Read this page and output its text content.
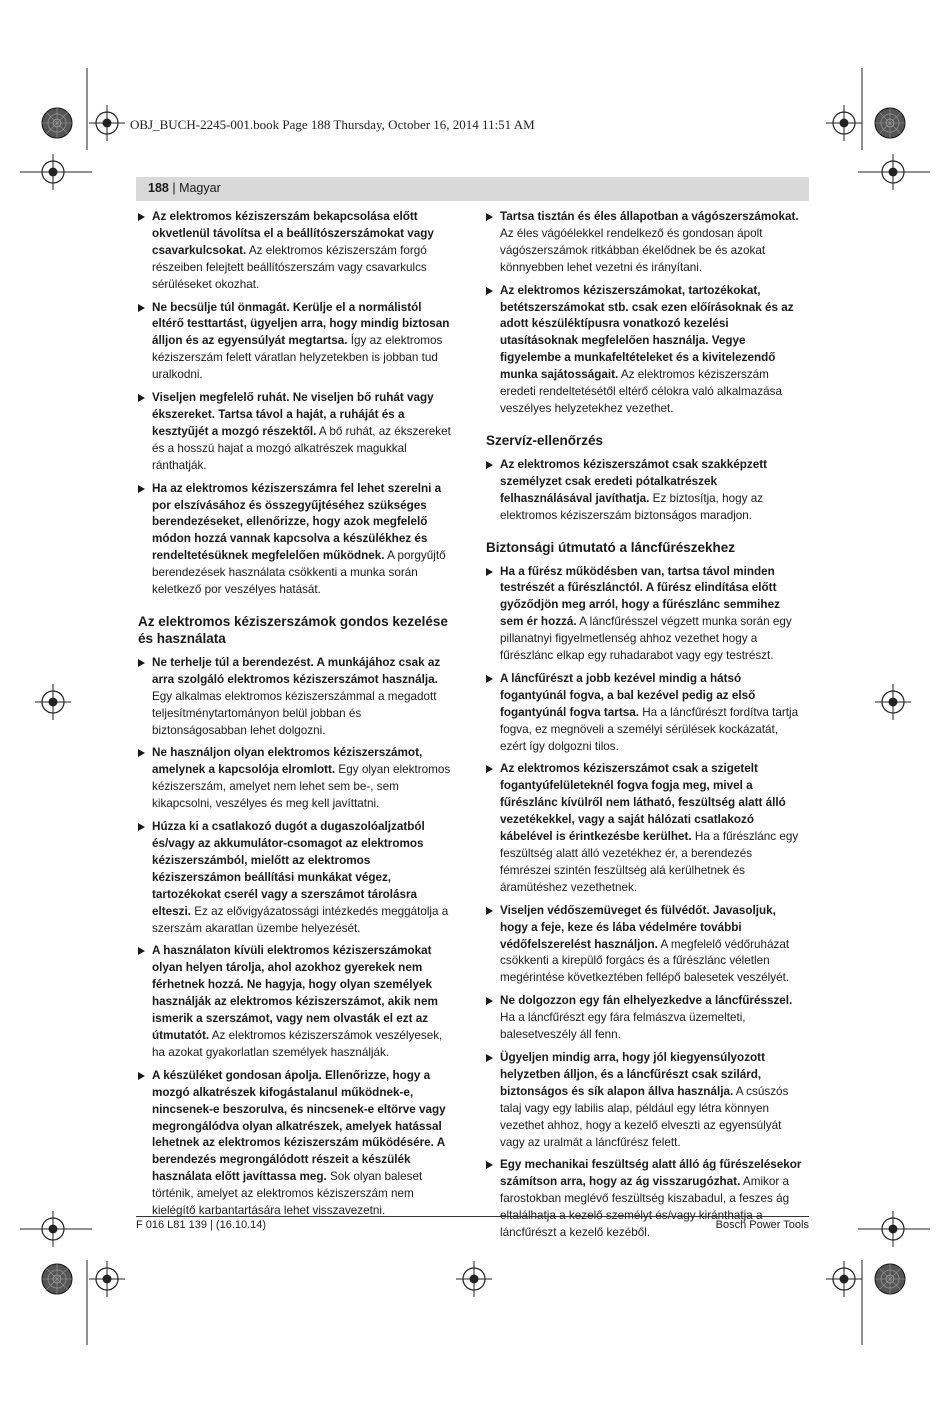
OBJ_BUCH-2245-001.book Page 188 Thursday, October 16, 2014 11:51 AM
188 | Magyar
Az elektromos kéziszerszám bekapcsolása előtt okvetlenül távolítsa el a beállítószerszámokat vagy csavarkulcsokat. Az elektromos kéziszerszám forgó részeiben felejtett beállítószerszám vagy csavarkulcs sérüléseket okozhat.
Ne becsülje túl önmagát. Kerülje el a normálistól eltérő testtartást, ügyeljen arra, hogy mindig biztosan álljon és az egyensúlyát megtartsa. Így az elektromos kéziszerszám felett váratlan helyzetekben is jobban tud uralkodni.
Viseljen megfelelő ruhát. Ne viseljen bő ruhát vagy ékszereket. Tartsa távol a haját, a ruháját és a kesztyűjét a mozgó részektől. A bő ruhát, az ékszereket és a hosszú hajat a mozgó alkatrészek magukkal ránthatják.
Ha az elektromos kéziszerszámra fel lehet szerelni a por elszívásához és összegyűjtéséhez szükséges berendezéseket, ellenőrizze, hogy azok megfelelő módon hozzá vannak kapcsolva a készülékhez és rendeltetésüknek megfelelően működnek. A porgyűjtő berendezések használata csökkenti a munka során keletkező por veszélyes hatását.
Az elektromos kéziszerszámok gondos kezelése és használata
Ne terhelje túl a berendezést. A munkájához csak az arra szolgáló elektromos kéziszerszámot használja. Egy alkalmas elektromos kéziszerszámmal a megadott teljesítménytartományon belül jobban és biztonságosabban lehet dolgozni.
Ne használjon olyan elektromos kéziszerszámot, amelynek a kapcsolója elromlott. Egy olyan elektromos kéziszerszám, amelyet nem lehet sem be-, sem kikapcsolni, veszélyes és meg kell javíttatni.
Húzza ki a csatlakozó dugót a dugaszolóaljzatból és/vagy az akkumulátor-csomagot az elektromos kéziszerszámból, mielőtt az elektromos kéziszerszámon beállítási munkákat végez, tartozékokat cserél vagy a szerszámot tárolásra elteszi. Ez az elővigyázatossági intézkedés meggátolja a szerszám akaratlan üzembe helyezését.
A használaton kívüli elektromos kéziszerszámokat olyan helyen tárolja, ahol azokhoz gyerekek nem férhetnek hozzá. Ne hagyja, hogy olyan személyek használják az elektromos kéziszerszámot, akik nem ismerik a szerszámot, vagy nem olvasták el ezt az útmutatót. Az elektromos kéziszerszámok veszélyesek, ha azokat gyakorlatlan személyek használják.
A készüléket gondosan ápolja. Ellenőrizze, hogy a mozgó alkatrészek kifogástalanul működnek-e, nincsenek-e beszorulva, és nincsenek-e eltörve vagy megrongálódva olyan alkatrészek, amelyek hatással lehetnek az elektromos kéziszerszám működésére. A berendezés megrongálódott részeit a készülék használata előtt javíttassa meg. Sok olyan baleset történik, amelyet az elektromos kéziszerszám nem kielégítő karbantartására lehet visszavezetni.
Tartsa tisztán és éles állapotban a vágószerszámokat. Az éles vágóélekkel rendelkező és gondosan ápolt vágószerszámok ritkábban ékelődnek be és azokat könnyebben lehet vezetni és irányítani.
Az elektromos kéziszerszámokat, tartozékokat, betétszerszámokat stb. csak ezen előírásoknak és az adott készüléktípusra vonatkozó kezelési utasításoknak megfelelően használja. Vegye figyelembe a munkafeltételeket és a kivitelezendő munka sajátosságait. Az elektromos kéziszerszám eredeti rendeltetésétől eltérő célokra való alkalmazása veszélyes helyzetekhez vezethet.
Szervíz-ellenőrzés
Az elektromos kéziszerszámot csak szakképzett személyzet csak eredeti pótalkatrészek felhasználásával javíthatja. Ez biztosítja, hogy az elektromos kéziszerszám biztonságos maradjon.
Biztonsági útmutató a láncfűrészekhez
Ha a fűrész működésben van, tartsa távol minden testrészét a fűrészlánctól. A fűrész elindítása előtt győződjön meg arról, hogy a fűrészlánc semmihez sem ér hozzá. A láncfűrésszel végzett munka során egy pillanatnyi figyelmetlenség ahhoz vezethet hogy a fűrészlánc elkap egy ruhadarabot vagy egy testrészt.
A láncfűrészt a jobb kezével mindig a hátsó fogantyúnál fogva, a bal kezével pedig az első fogantyúnál fogva tartsa. Ha a láncfűrészt fordítva tartja fogva, ez megnöveli a személyi sérülések kockázatát, ezért így dolgozni tilos.
Az elektromos kéziszerszámot csak a szigetelt fogantyúfelületeknél fogva fogja meg, mivel a fűrészlánc kívülről nem látható, feszültség alatt álló vezetékekkel, vagy a saját hálózati csatlakozó kábelével is érintkezésbe kerülhet. Ha a fűrészlánc egy feszültség alatt álló vezetékhez ér, a berendezés fémrészei szintén feszültség alá kerülhetnek és áramütéshez vezethetnek.
Viseljen védőszemüveget és fülvédőt. Javasoljuk, hogy a feje, keze és lába védelmére további védőfelszerelést használjon. A megfelelő védőruházat csökkenti a kirepülő forgács és a fűrészlánc véletlen megérintése következtében fellépő balesetek veszélyét.
Ne dolgozzon egy fán elhelyezkedve a láncfűrésszel. Ha a láncfűrészt egy fára felmászva üzemelteti, balesetveszély áll fenn.
Ügyeljen mindig arra, hogy jól kiegyensúlyozott helyzetben álljon, és a láncfűrészt csak szilárd, biztonságos és sík alapon állva használja. A csúszós talaj vagy egy labilis alap, például egy létra könnyen vezethet ahhoz, hogy a kezelő elveszti az egyensúlyát vagy az uralmát a láncfűrész felett.
Egy mechanikai feszültség alatt álló ág fűrészelésekor számítson arra, hogy az ág visszarugózhat. Amikor a farostokban meglévő feszültség kiszabadul, a feszes ág eltalálhatja a kezelő személyt és/vagy kiránthatja a láncfűrészt a kezelő kezéből.
F 016 L81 139 | (16.10.14)	Bosch Power Tools
